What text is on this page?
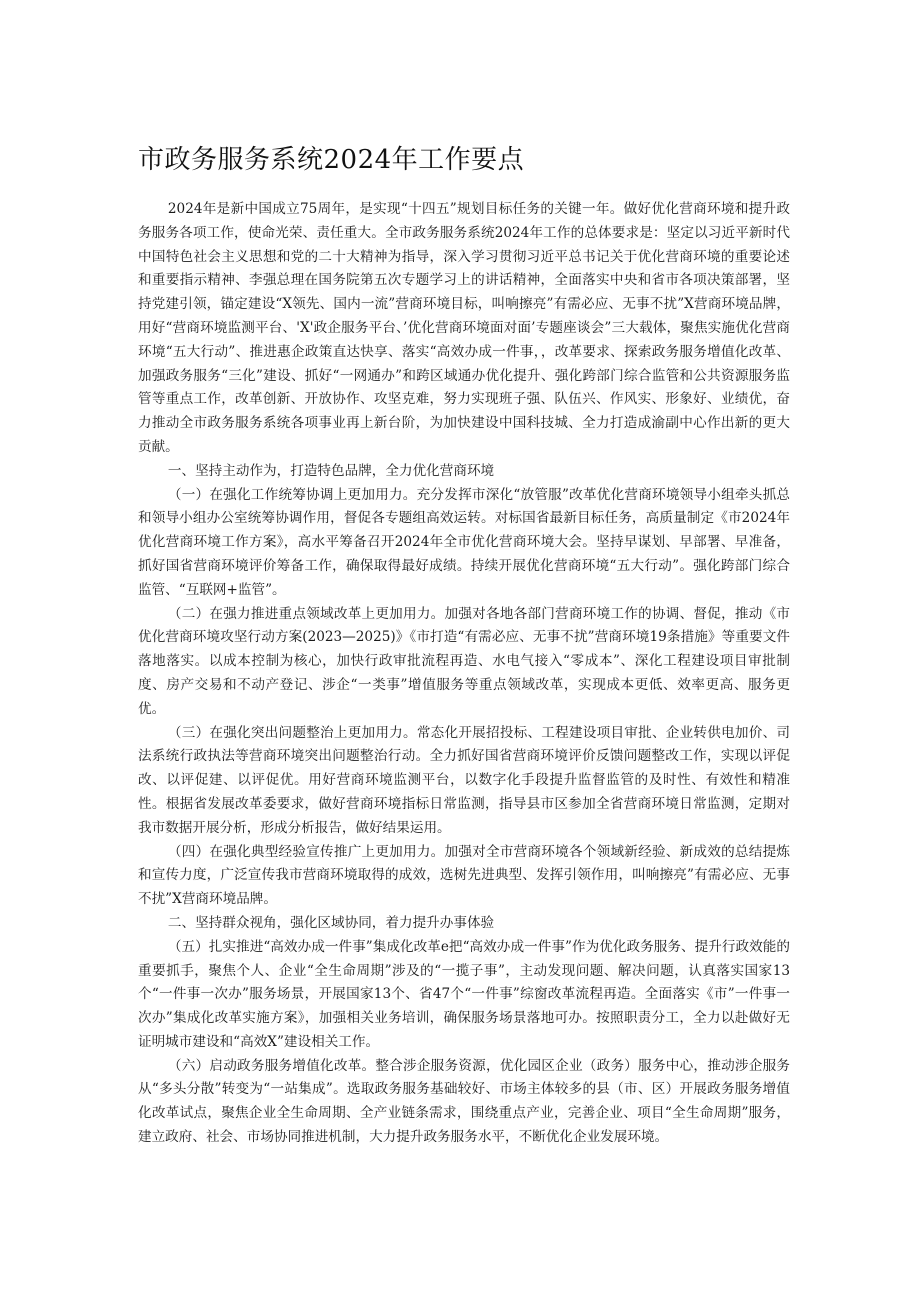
市政务服务系统2024年工作要点

2024年是新中国成立75周年，是实现“十四五”规划目标任务的关键一年。做好优化营商环境和提升政务服务各项工作，使命光荣、责任重大。全市政务服务系统2024年工作的总体要求是：坚定以习近平新时代中国特色社会主义思想和党的二十大精神为指导，深入学习贯彻习近平总书记关于优化营商环境的重要论述和重要指示精神、李强总理在国务院第五次专题学习上的讲话精神，全面落实中央和省市各项决策部署，坚持党建引领，锚定建设“X领先、国内一流”营商环境目标，叫响擦亮”有需必应、无事不扰”X营商环境品牌，用好“营商环境监测平台、'X'政企服务平台、’优化营商环境面对面’专题座谈会”三大载体，聚焦实施优化营商环境“五大行动”、推进惠企政策直达快享、落实“高效办成一件事，，改革要求、探索政务服务增值化改革、加强政务服务“三化”建设、抓好“一网通办”和跨区域通办优化提升、强化跨部门综合监管和公共资源服务监管等重点工作，改革创新、开放协作、攻坚克难，努力实现班子强、队伍兴、作风实、形象好、业绩优，奋力推动全市政务服务系统各项事业再上新台阶，为加快建设中国科技城、全力打造成渝副中心作出新的更大贡献。

一、坚持主动作为，打造特色品牌，全力优化营商环境

（一）在强化工作统筹协调上更加用力。充分发挥市深化“放管服”改革优化营商环境领导小组牵头抓总和领导小组办公室统筹协调作用，督促各专题组高效运转。对标国省最新目标任务，高质量制定《市2024年优化营商环境工作方案》，高水平筹备召开2024年全市优化营商环境大会。坚持早谋划、早部署、早准备，抓好国省营商环境评价筹备工作，确保取得最好成绩。持续开展优化营商环境“五大行动”。强化跨部门综合监管、“互联网+监管”。

（二）在强力推进重点领域改革上更加用力。加强对各地各部门营商环境工作的协调、督促，推动《市优化营商环境攻坚行动方案(2023—2025)》《市打造“有需必应、无事不扰”营商环境19条措施》等重要文件落地落实。以成本控制为核心，加快行政审批流程再造、水电气接入“零成本”、深化工程建设项目审批制度、房产交易和不动产登记、涉企“一类事”增值服务等重点领域改革，实现成本更低、效率更高、服务更优。

（三）在强化突出问题整治上更加用力。常态化开展招投标、工程建设项目审批、企业转供电加价、司法系统行政执法等营商环境突出问题整治行动。全力抓好国省营商环境评价反馈问题整改工作，实现以评促改、以评促建、以评促优。用好营商环境监测平台，以数字化手段提升监督监管的及时性、有效性和精准性。根据省发展改革委要求，做好营商环境指标日常监测，指导县市区参加全省营商环境日常监测，定期对我市数据开展分析，形成分析报告，做好结果运用。

（四）在强化典型经验宣传推广上更加用力。加强对全市营商环境各个领域新经验、新成效的总结提炼和宣传力度，广泛宣传我市营商环境取得的成效，选树先进典型、发挥引领作用，叫响擦亮”有需必应、无事不扰”X营商环境品牌。

二、坚持群众视角，强化区域协同，着力提升办事体验

（五）扎实推进“高效办成一件事”集成化改革e把“高效办成一件事”作为优化政务服务、提升行政效能的重要抓手，聚焦个人、企业“全生命周期”涉及的“一揽子事”，主动发现问题、解决问题，认真落实国家13个“一件事一次办”服务场景，开展国家13个、省47个“一件事”综窗改革流程再造。全面落实《市”一件事一次办”集成化改革实施方案》，加强相关业务培训，确保服务场景落地可办。按照职责分工，全力以赴做好无证明城市建设和“高效X”建设相关工作。

（六）启动政务服务增值化改革。整合涉企服务资源，优化园区企业（政务）服务中心，推动涉企服务从“多头分散”转变为“一站集成”。选取政务服务基础较好、市场主体较多的县（市、区）开展政务服务增值化改革试点，聚焦企业全生命周期、全产业链条需求，围绕重点产业，完善企业、项目“全生命周期”服务，建立政府、社会、市场协同推进机制，大力提升政务服务水平，不断优化企业发展环境。
